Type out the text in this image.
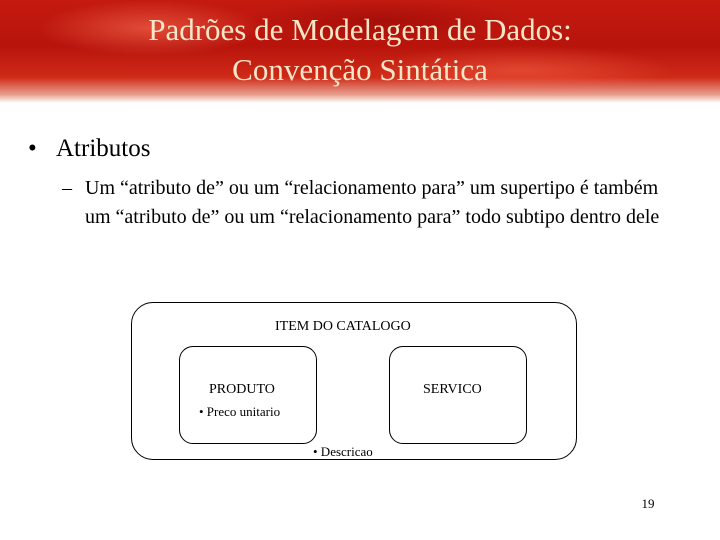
Padrões de Modelagem de Dados:
Convenção Sintática
• Atributos
– Um “atributo de” ou um “relacionamento para” um supertipo é também um “atributo de” ou um “relacionamento para” todo subtipo dentro dele
ITEM DO CATALOGO
PRODUTO
• Preco unitario
SERVICO
• Descricao
19
